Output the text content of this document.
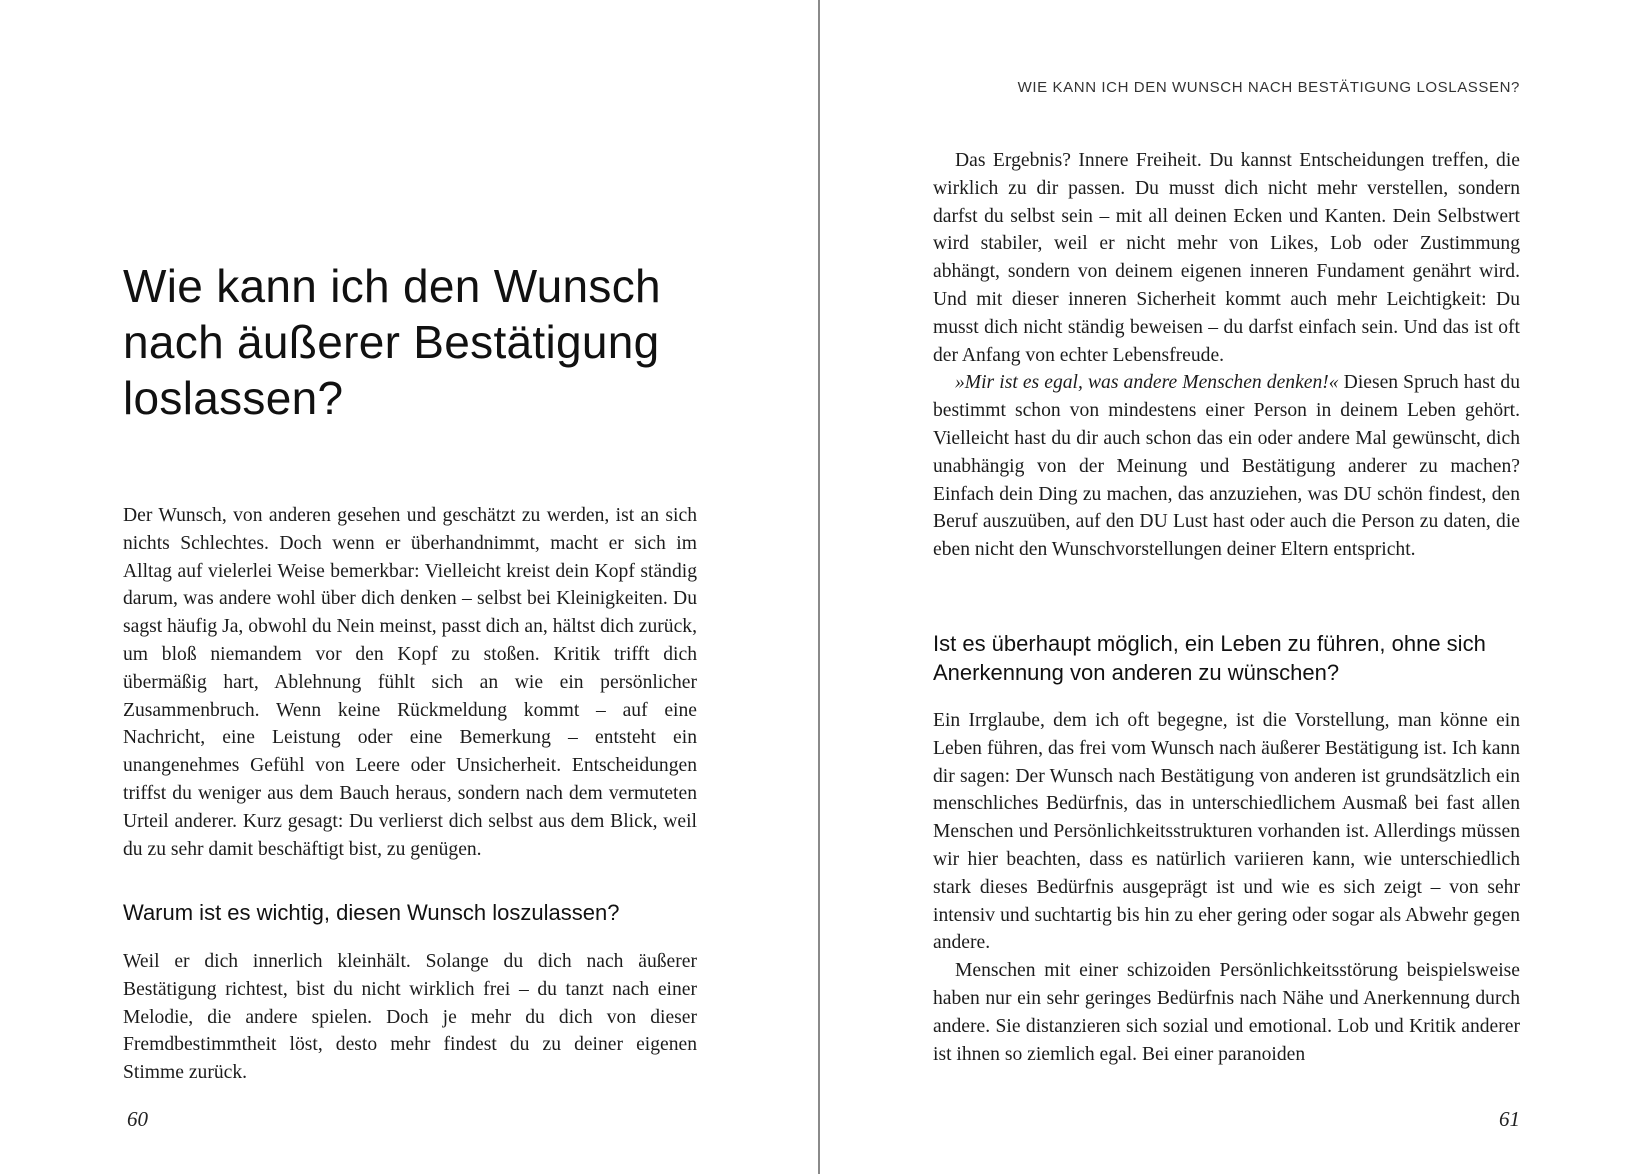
Wie kann ich den Wunsch nach äußerer Bestätigung loslassen?

Der Wunsch, von anderen gesehen und geschätzt zu werden, ist an sich nichts Schlechtes. Doch wenn er überhandnimmt, macht er sich im Alltag auf vielerlei Weise bemerkbar: Vielleicht kreist dein Kopf ständig darum, was andere wohl über dich denken – selbst bei Kleinigkeiten. Du sagst häufig Ja, obwohl du Nein meinst, passt dich an, hältst dich zurück, um bloß niemandem vor den Kopf zu stoßen. Kritik trifft dich übermäßig hart, Ablehnung fühlt sich an wie ein persönlicher Zusammenbruch. Wenn keine Rückmeldung kommt – auf eine Nachricht, eine Leistung oder eine Bemerkung – entsteht ein unangenehmes Gefühl von Leere oder Unsicherheit. Entscheidungen triffst du weniger aus dem Bauch heraus, sondern nach dem vermuteten Urteil anderer. Kurz gesagt: Du verlierst dich selbst aus dem Blick, weil du zu sehr damit beschäftigt bist, zu genügen.

Warum ist es wichtig, diesen Wunsch loszulassen?

Weil er dich innerlich kleinhält. Solange du dich nach äußerer Bestätigung richtest, bist du nicht wirklich frei – du tanzt nach einer Melodie, die andere spielen. Doch je mehr du dich von dieser Fremdbestimmtheit löst, desto mehr findest du zu deiner eigenen Stimme zurück.

60
WIE KANN ICH DEN WUNSCH NACH BESTÄTIGUNG LOSLASSEN?

Das Ergebnis? Innere Freiheit. Du kannst Entscheidungen treffen, die wirklich zu dir passen. Du musst dich nicht mehr verstellen, sondern darfst du selbst sein – mit all deinen Ecken und Kanten. Dein Selbstwert wird stabiler, weil er nicht mehr von Likes, Lob oder Zustimmung abhängt, sondern von deinem eigenen inneren Fundament genährt wird. Und mit dieser inneren Sicherheit kommt auch mehr Leichtigkeit: Du musst dich nicht ständig beweisen – du darfst einfach sein. Und das ist oft der Anfang von echter Lebensfreude.

»Mir ist es egal, was andere Menschen denken!« Diesen Spruch hast du bestimmt schon von mindestens einer Person in deinem Leben gehört. Vielleicht hast du dir auch schon das ein oder andere Mal gewünscht, dich unabhängig von der Meinung und Bestätigung anderer zu machen? Einfach dein Ding zu machen, das anzuziehen, was DU schön findest, den Beruf auszuüben, auf den DU Lust hast oder auch die Person zu daten, die eben nicht den Wunschvorstellungen deiner Eltern entspricht.

Ist es überhaupt möglich, ein Leben zu führen, ohne sich Anerkennung von anderen zu wünschen?

Ein Irrglaube, dem ich oft begegne, ist die Vorstellung, man könne ein Leben führen, das frei vom Wunsch nach äußerer Bestätigung ist. Ich kann dir sagen: Der Wunsch nach Bestätigung von anderen ist grundsätzlich ein menschliches Bedürfnis, das in unterschiedlichem Ausmaß bei fast allen Menschen und Persönlichkeitsstrukturen vorhanden ist. Allerdings müssen wir hier beachten, dass es natürlich variieren kann, wie unterschiedlich stark dieses Bedürfnis ausgeprägt ist und wie es sich zeigt – von sehr intensiv und suchtartig bis hin zu eher gering oder sogar als Abwehr gegen andere.

Menschen mit einer schizoiden Persönlichkeitsstörung beispielsweise haben nur ein sehr geringes Bedürfnis nach Nähe und Anerkennung durch andere. Sie distanzieren sich sozial und emotional. Lob und Kritik anderer ist ihnen so ziemlich egal. Bei einer paranoiden

61
